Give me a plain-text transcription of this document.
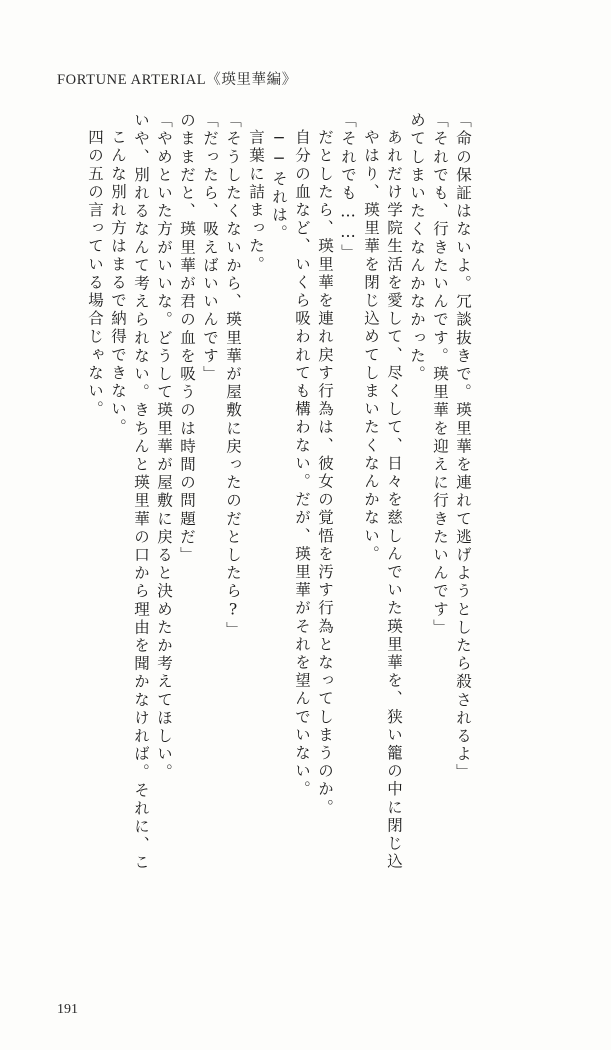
FORTUNE ARTERIAL《瑛里華編》
四の五の言っている場合じゃない。 こんな別れ方はまるで納得できない。 いや、別れるなんて考えられない。きちんと瑛里華の口から理由を聞かなければ。それに、こ 「やめといた方がいいな。どうして瑛里華が屋敷に戻ると決めたか考えてほしい。 のままだと、瑛里華が君の血を吸うのは時間の問題だ」 「だったら、吸えばいいんです」 「そうしたくないから、瑛里華が屋敷に戻ったのだとしたら?」 言葉に詰まった。 ──それは。 自分の血など、いくら吸われても構わない。だが、瑛里華がそれを望んでいない。 だとしたら、瑛里華を連れ戻す行為は、彼女の覚悟を汚す行為となってしまうのか。 「それでも……」 やはり、瑛里華を閉じ込めてしまいたくなんかない。 あれだけ学院生活を愛して、尽くして、日々を慈しんでいた瑛里華を、狭い籠の中に閉じ込 めてしまいたくなんかなかった。 「それでも、行きたいんです。瑛里華を迎えに行きたいんです」 「命の保証はないよ。冗談抜きで。瑛里華を連れて逃げようとしたら殺されるよ」
191
